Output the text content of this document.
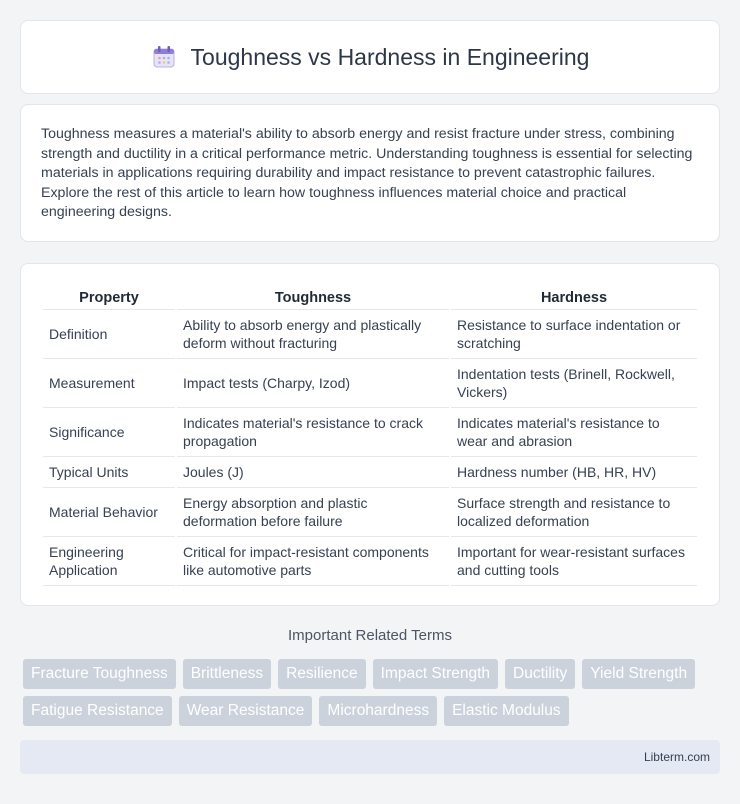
Toughness vs Hardness in Engineering

Toughness measures a material's ability to absorb energy and resist fracture under stress, combining strength and ductility in a critical performance metric. Understanding toughness is essential for selecting materials in applications requiring durability and impact resistance to prevent catastrophic failures. Explore the rest of this article to learn how toughness influences material choice and practical engineering designs.

Property	Toughness	Hardness
Definition	Ability to absorb energy and plastically deform without fracturing	Resistance to surface indentation or scratching
Measurement	Impact tests (Charpy, Izod)	Indentation tests (Brinell, Rockwell, Vickers)
Significance	Indicates material's resistance to crack propagation	Indicates material's resistance to wear and abrasion
Typical Units	Joules (J)	Hardness number (HB, HR, HV)
Material Behavior	Energy absorption and plastic deformation before failure	Surface strength and resistance to localized deformation
Engineering Application	Critical for impact-resistant components like automotive parts	Important for wear-resistant surfaces and cutting tools
Important Related Terms
Fracture Toughness	Brittleness	Resilience	Impact Strength	Ductility	Yield Strength
Fatigue Resistance	Wear Resistance	Microhardness	Elastic Modulus
Libterm.com
